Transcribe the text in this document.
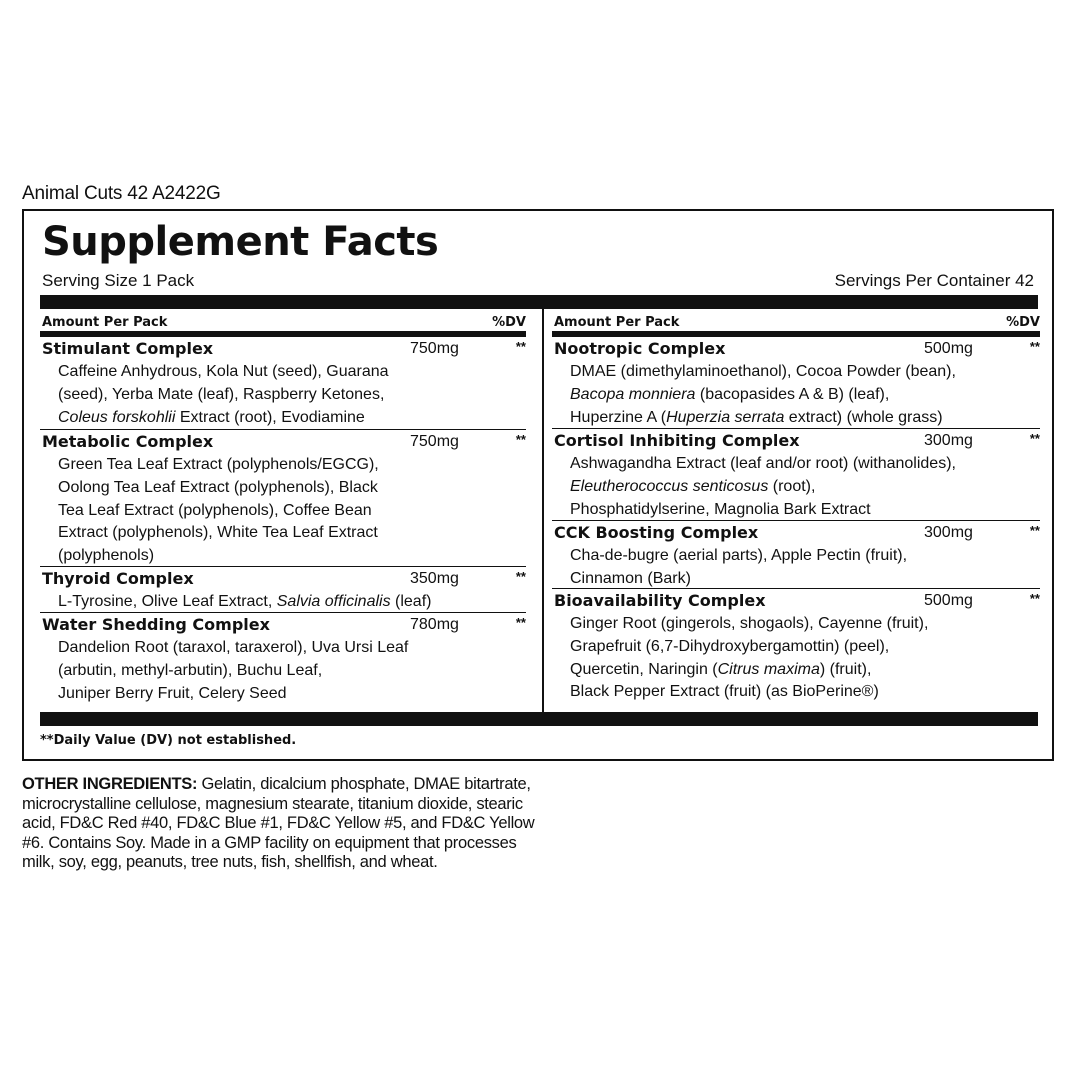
Animal Cuts 42 A2422G
Supplement Facts
Serving Size 1 Pack	Servings Per Container 42
Amount Per Pack	%DV
Stimulant Complex	750mg	**
Caffeine Anhydrous, Kola Nut (seed), Guarana
(seed), Yerba Mate (leaf), Raspberry Ketones,
Coleus forskohlii Extract (root), Evodiamine
Metabolic Complex	750mg	**
Green Tea Leaf Extract (polyphenols/EGCG),
Oolong Tea Leaf Extract (polyphenols), Black
Tea Leaf Extract (polyphenols), Coffee Bean
Extract (polyphenols), White Tea Leaf Extract
(polyphenols)
Thyroid Complex	350mg	**
L-Tyrosine, Olive Leaf Extract, Salvia officinalis (leaf)
Water Shedding Complex	780mg	**
Dandelion Root (taraxol, taraxerol), Uva Ursi Leaf
(arbutin, methyl-arbutin), Buchu Leaf,
Juniper Berry Fruit, Celery Seed
Amount Per Pack	%DV
Nootropic Complex	500mg	**
DMAE (dimethylaminoethanol), Cocoa Powder (bean),
Bacopa monniera (bacopasides A & B) (leaf),
Huperzine A (Huperzia serrata extract) (whole grass)
Cortisol Inhibiting Complex	300mg	**
Ashwagandha Extract (leaf and/or root) (withanolides),
Eleutherococcus senticosus (root),
Phosphatidylserine, Magnolia Bark Extract
CCK Boosting Complex	300mg	**
Cha-de-bugre (aerial parts), Apple Pectin (fruit),
Cinnamon (Bark)
Bioavailability Complex	500mg	**
Ginger Root (gingerols, shogaols), Cayenne (fruit),
Grapefruit (6,7-Dihydroxybergamottin) (peel),
Quercetin, Naringin (Citrus maxima) (fruit),
Black Pepper Extract (fruit) (as BioPerine®)
**Daily Value (DV) not established.
OTHER INGREDIENTS: Gelatin, dicalcium phosphate, DMAE bitartrate, microcrystalline cellulose, magnesium stearate, titanium dioxide, stearic acid, FD&C Red #40, FD&C Blue #1, FD&C Yellow #5, and FD&C Yellow #6. Contains Soy. Made in a GMP facility on equipment that processes milk, soy, egg, peanuts, tree nuts, fish, shellfish, and wheat.
